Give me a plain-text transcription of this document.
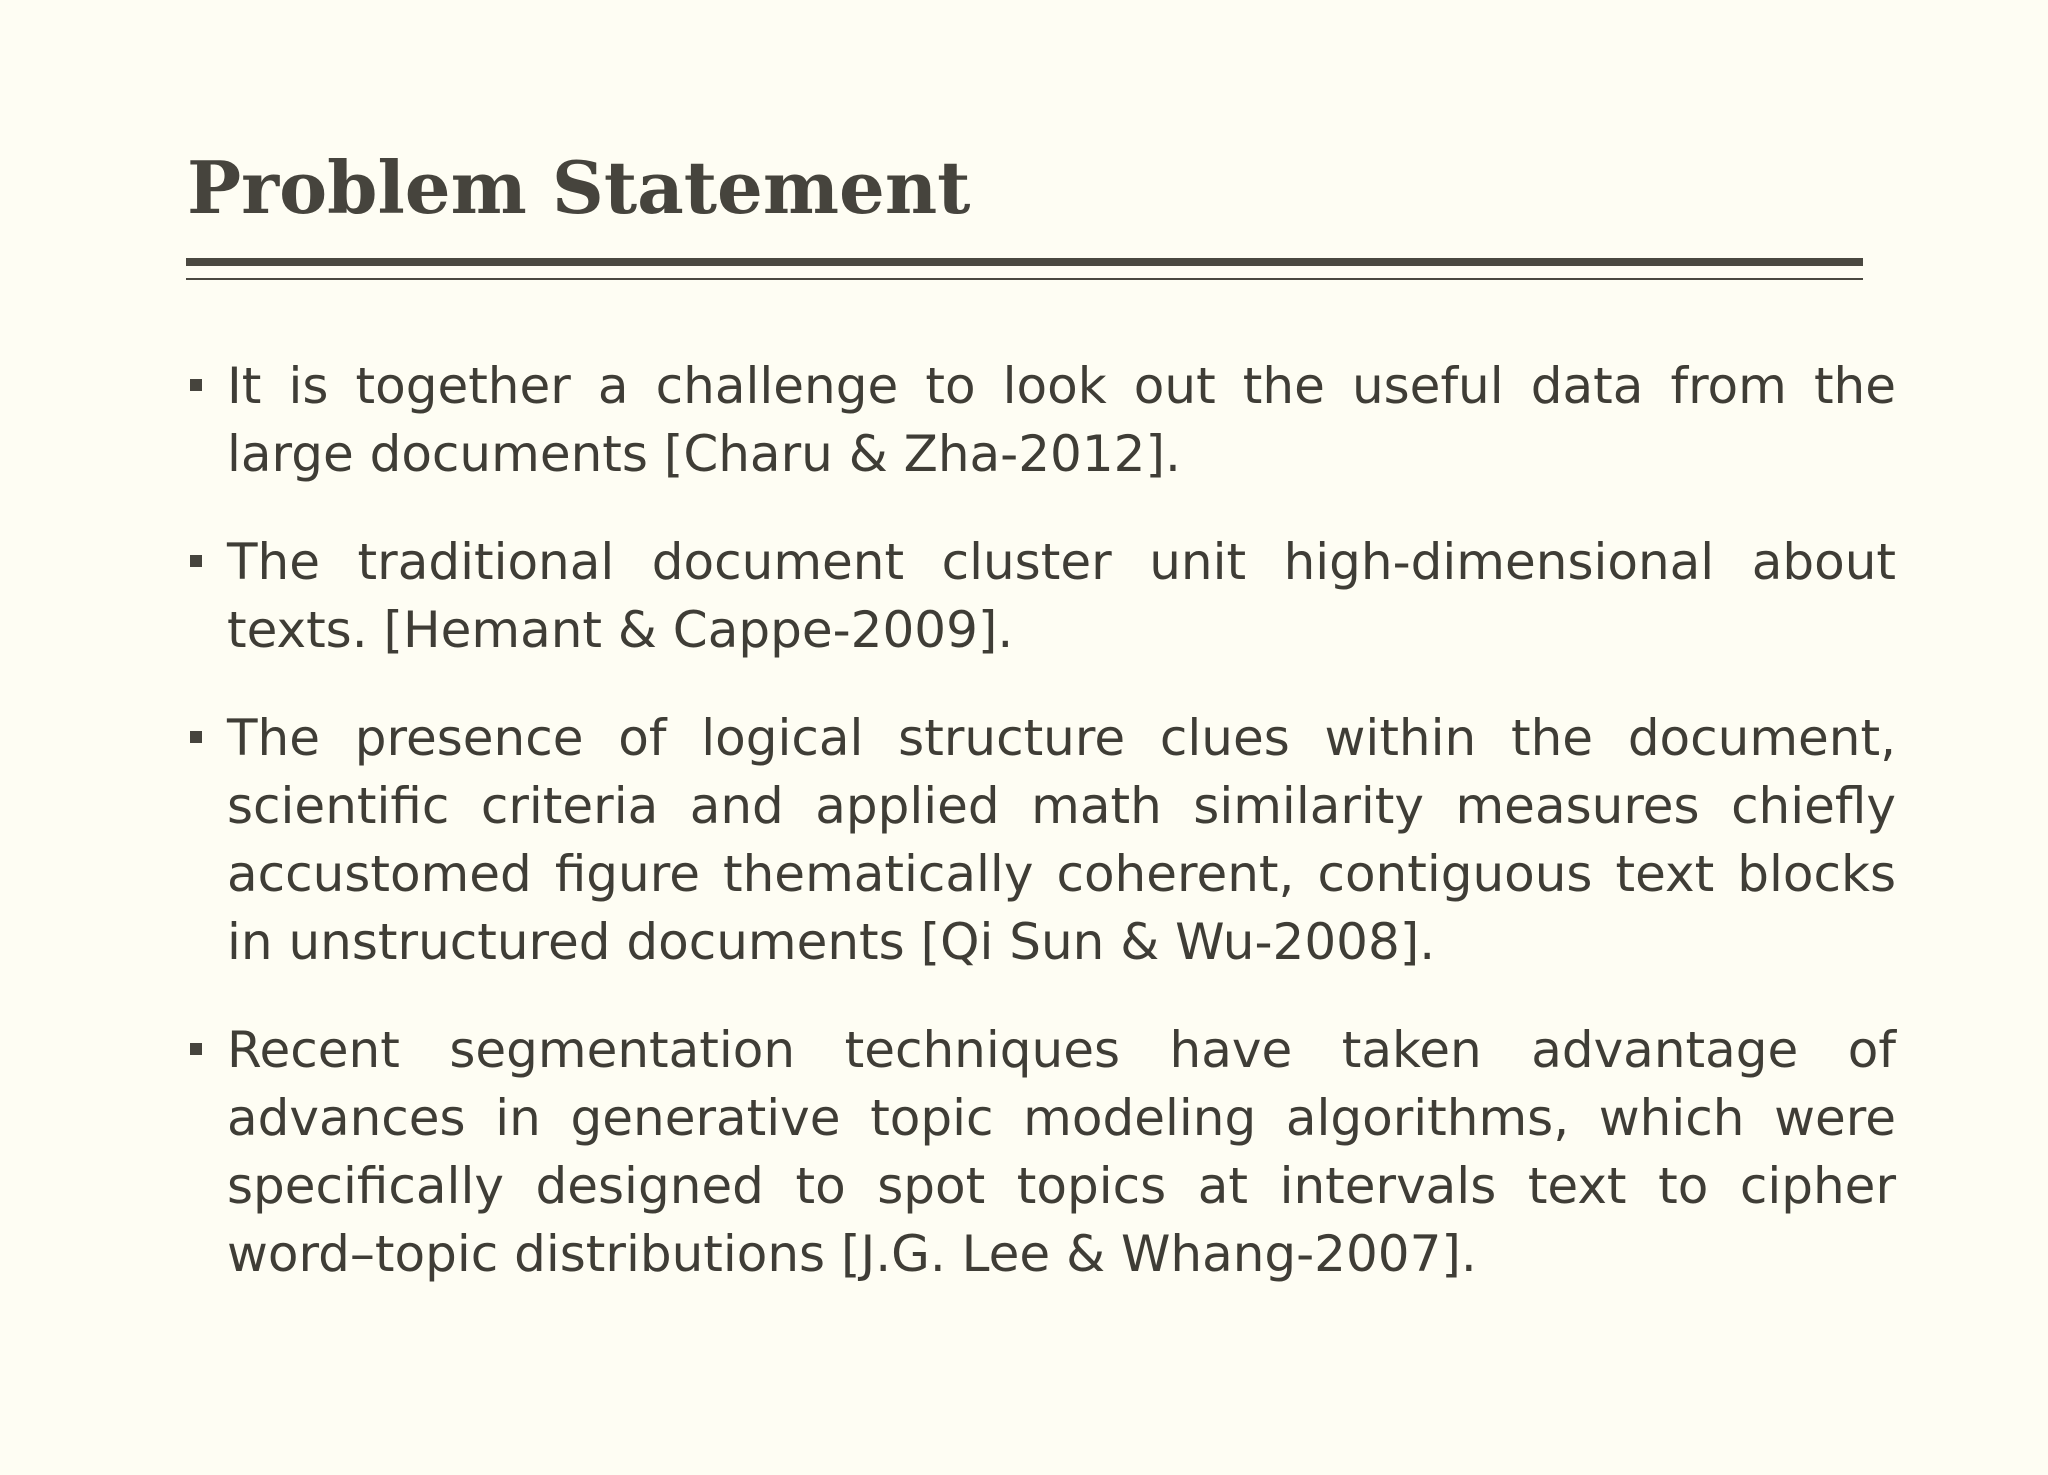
Problem Statement
It is together a challenge to look out the useful data from the large documents [Charu & Zha-2012].
The traditional document cluster unit high-dimensional about texts. [Hemant & Cappe-2009].
The presence of logical structure clues within the document, scientific criteria and applied math similarity measures chiefly accustomed figure thematically coherent, contiguous text blocks in unstructured documents [Qi Sun & Wu-2008].
Recent segmentation techniques have taken advantage of advances in generative topic modeling algorithms, which were specifically designed to spot topics at intervals text to cipher word–topic distributions [J.G. Lee & Whang-2007].
